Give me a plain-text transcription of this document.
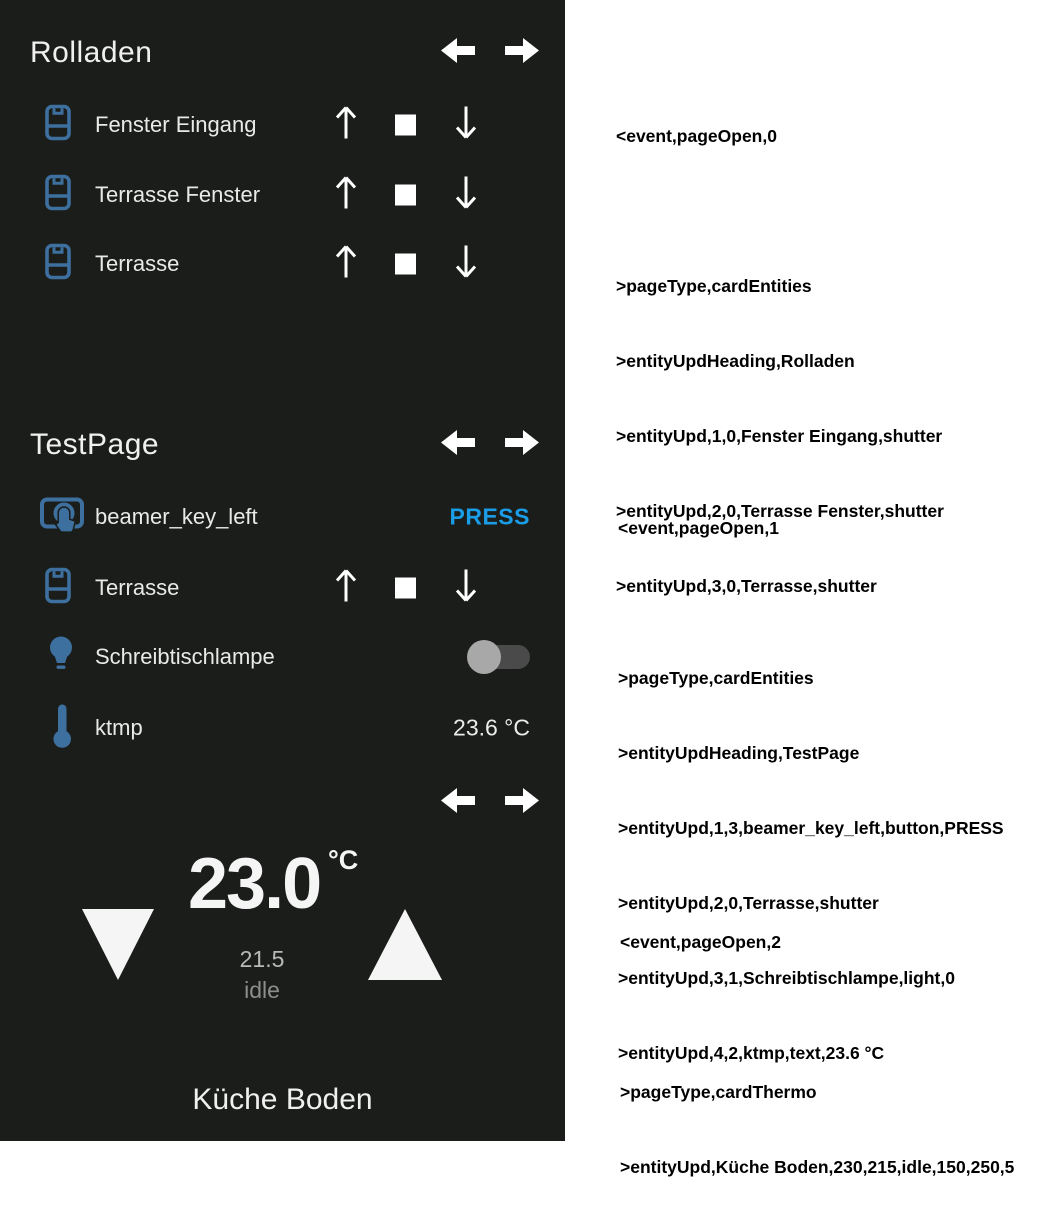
Rolladen
Fenster Eingang
Terrasse Fenster
Terrasse
TestPage
beamer_key_left	PRESS
Terrasse
Schreibtischlampe
ktmp	23.6 °C
23.0 °C
21.5
idle
Küche Boden

<event,pageOpen,0

>pageType,cardEntities

>entityUpdHeading,Rolladen

>entityUpd,1,0,Fenster Eingang,shutter

>entityUpd,2,0,Terrasse Fenster,shutter

>entityUpd,3,0,Terrasse,shutter

<event,pageOpen,1

>pageType,cardEntities

>entityUpdHeading,TestPage

>entityUpd,1,3,beamer_key_left,button,PRESS

>entityUpd,2,0,Terrasse,shutter

>entityUpd,3,1,Schreibtischlampe,light,0

>entityUpd,4,2,ktmp,text,23.6 °C

<event,pageOpen,2

>pageType,cardThermo

>entityUpd,Küche Boden,230,215,idle,150,250,5
